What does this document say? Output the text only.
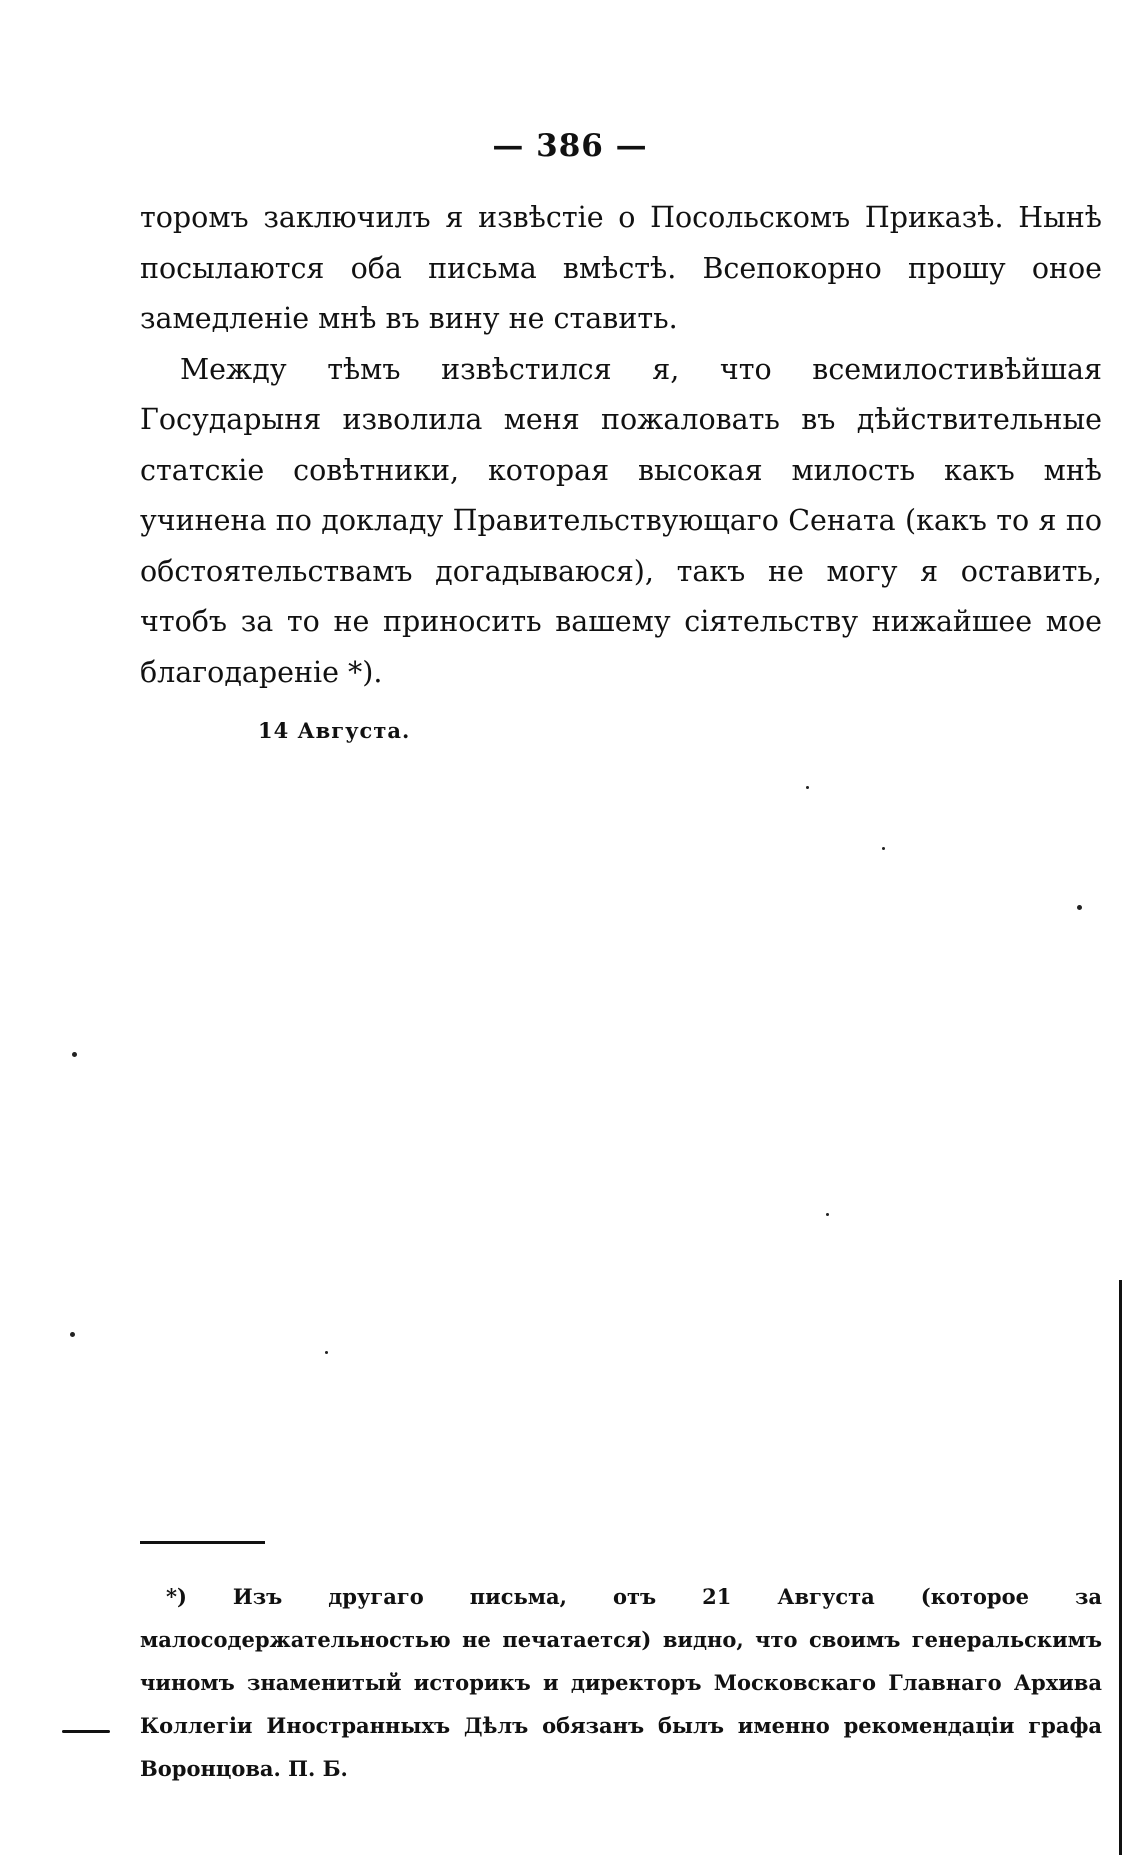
— 386 —

торомъ заключилъ я извѣстіе о Посольскомъ Приказѣ. Нынѣ посылаются оба письма вмѣстѣ. Всепокорно прошу оное замедленіе мнѣ въ вину не ставить.

Между тѣмъ извѣстился я, что всемилостивѣйшая Государыня изволила меня пожаловать въ дѣйствительные статскіе совѣтники, которая высокая милость какъ мнѣ учинена по докладу Правительствующаго Сената (какъ то я по обстоятельствамъ догадываюся), такъ не могу я оставить, чтобъ за то не приносить вашему сіятельству нижайшее мое благодареніе *).

14 Августа.
*) Изъ другаго письма, отъ 21 Августа (которое за малосодержательностью не печатается) видно, что своимъ генеральскимъ чиномъ знаменитый историкъ и директоръ Московскаго Главнаго Архива Коллегіи Иностранныхъ Дѣлъ обязанъ былъ именно рекомендаціи графа Воронцова. П. Б.
